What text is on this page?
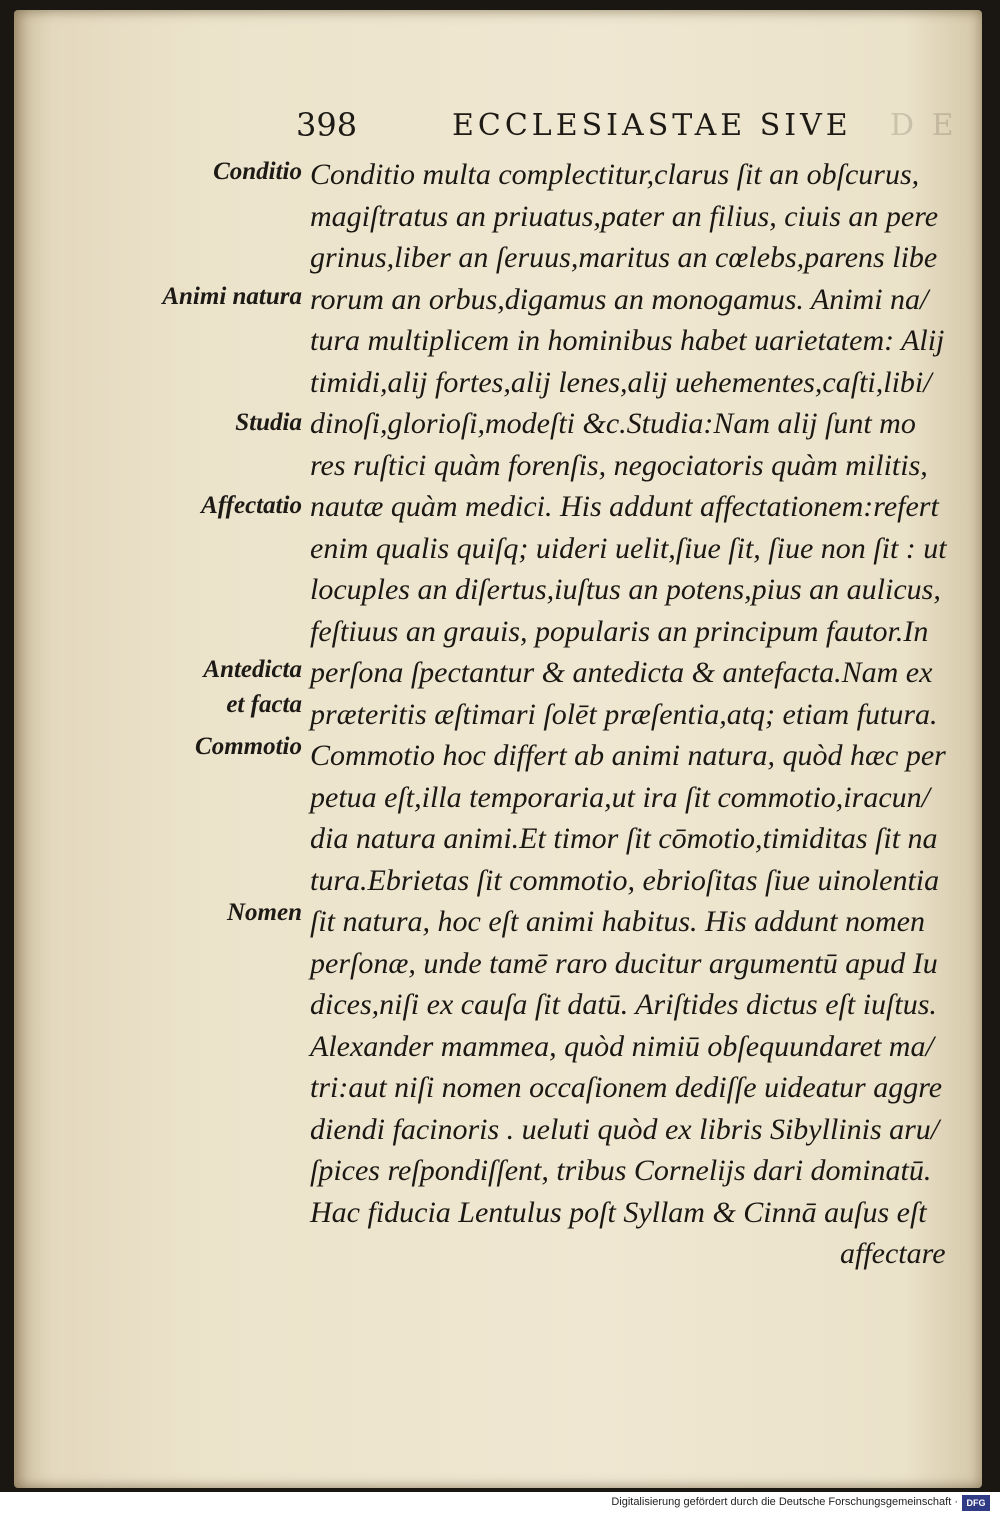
398	ECCLESIASTAE SIVE D E
Conditio
Animi natura
Studia
Affectatio
Antedicta
et facta
Commotio
Nomen
Conditio multa complectitur,clarus ſit an obſcurus,
magiſtratus an priuatus,pater an filius, ciuis an pere
grinus,liber an ſeruus,maritus an cœlebs,parens libe
rorum an orbus,digamus an monogamus. Animi na/
tura multiplicem in hominibus habet uarietatem: Alij
timidi,alij fortes,alij lenes,alij uehementes,caſti,libi/
dinoſi,glorioſi,modeſti &c.Studia:Nam alij ſunt mo
res ruſtici quàm forenſis, negociatoris quàm militis,
nautæ quàm medici. His addunt affectationem:refert
enim qualis quiſq; uideri uelit,ſiue ſit, ſiue non ſit : ut
locuples an diſertus,iuſtus an potens,pius an aulicus,
feſtiuus an grauis, popularis an principum fautor.In
perſona ſpectantur & antedicta & antefacta.Nam ex
præteritis æſtimari ſolēt præſentia,atq; etiam futura.
Commotio hoc differt ab animi natura, quòd hæc per
petua eſt,illa temporaria,ut ira ſit commotio,iracun/
dia natura animi.Et timor ſit cōmotio,timiditas ſit na
tura.Ebrietas ſit commotio, ebrioſitas ſiue uinolentia
ſit natura, hoc eſt animi habitus. His addunt nomen
perſonæ, unde tamē raro ducitur argumentū apud Iu
dices,niſi ex cauſa ſit datū. Ariſtides dictus eſt iuſtus.
Alexander mammea, quòd nimiū obſequundaret ma/
tri:aut niſi nomen occaſionem dediſſe uideatur aggre
diendi facinoris . ueluti quòd ex libris Sibyllinis aru/
ſpices reſpondiſſent, tribus Cornelijs dari dominatū.
Hac fiducia Lentulus poſt Syllam & Cinnā auſus eſt
affectare
Digitalisierung gefördert durch die Deutsche Forschungsgemeinschaft · DFG
